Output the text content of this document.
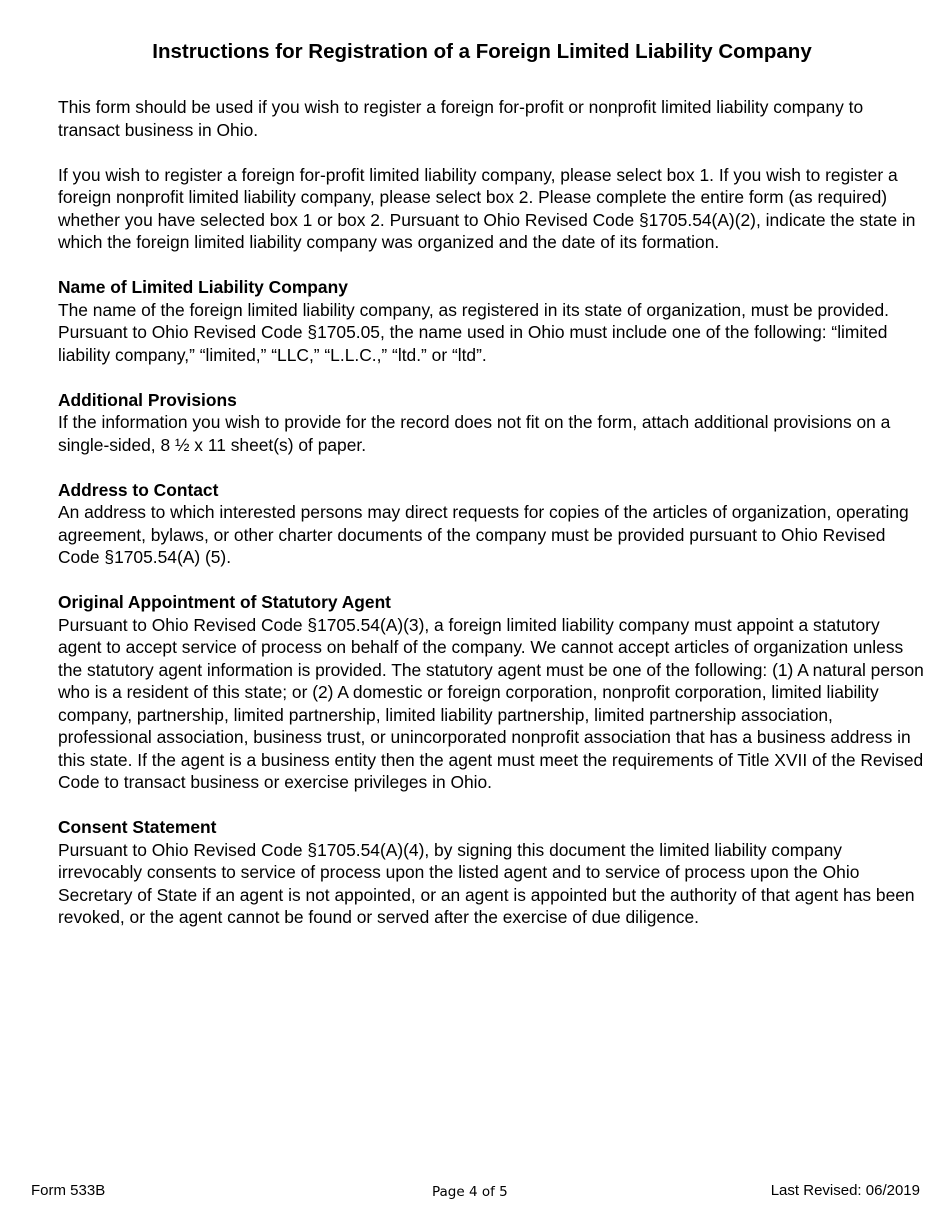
Instructions for Registration of a Foreign Limited Liability Company

This form should be used if you wish to register a foreign for-profit or nonprofit limited liability company to transact business in Ohio.

If you wish to register a foreign for-profit limited liability company, please select box 1. If you wish to register a foreign nonprofit limited liability company, please select box 2. Please complete the entire form (as required) whether you have selected box 1 or box 2. Pursuant to Ohio Revised Code §1705.54(A)(2), indicate the state in which the foreign limited liability company was organized and the date of its formation.

Name of Limited Liability Company
The name of the foreign limited liability company, as registered in its state of organization, must be provided. Pursuant to Ohio Revised Code §1705.05, the name used in Ohio must include one of the following: “limited liability company,” “limited,” “LLC,” “L.L.C.,” “ltd.” or “ltd”.
Additional Provisions
If the information you wish to provide for the record does not fit on the form, attach additional provisions on a single-sided, 8 ½ x 11 sheet(s) of paper.
Address to Contact
An address to which interested persons may direct requests for copies of the articles of organization, operating agreement, bylaws, or other charter documents of the company must be provided pursuant to Ohio Revised Code §1705.54(A) (5).
Original Appointment of Statutory Agent
Pursuant to Ohio Revised Code §1705.54(A)(3), a foreign limited liability company must appoint a statutory agent to accept service of process on behalf of the company. We cannot accept articles of organization unless the statutory agent information is provided. The statutory agent must be one of the following: (1) A natural person who is a resident of this state; or (2) A domestic or foreign corporation, nonprofit corporation, limited liability company, partnership, limited partnership, limited liability partnership, limited partnership association, professional association, business trust, or unincorporated nonprofit association that has a business address in this state. If the agent is a business entity then the agent must meet the requirements of Title XVII of the Revised Code to transact business or exercise privileges in Ohio.
Consent Statement
Pursuant to Ohio Revised Code §1705.54(A)(4), by signing this document the limited liability company irrevocably consents to service of process upon the listed agent and to service of process upon the Ohio Secretary of State if an agent is not appointed, or an agent is appointed but the authority of that agent has been revoked, or the agent cannot be found or served after the exercise of due diligence.
Form 533B	Page 4 of 5	Last Revised: 06/2019
